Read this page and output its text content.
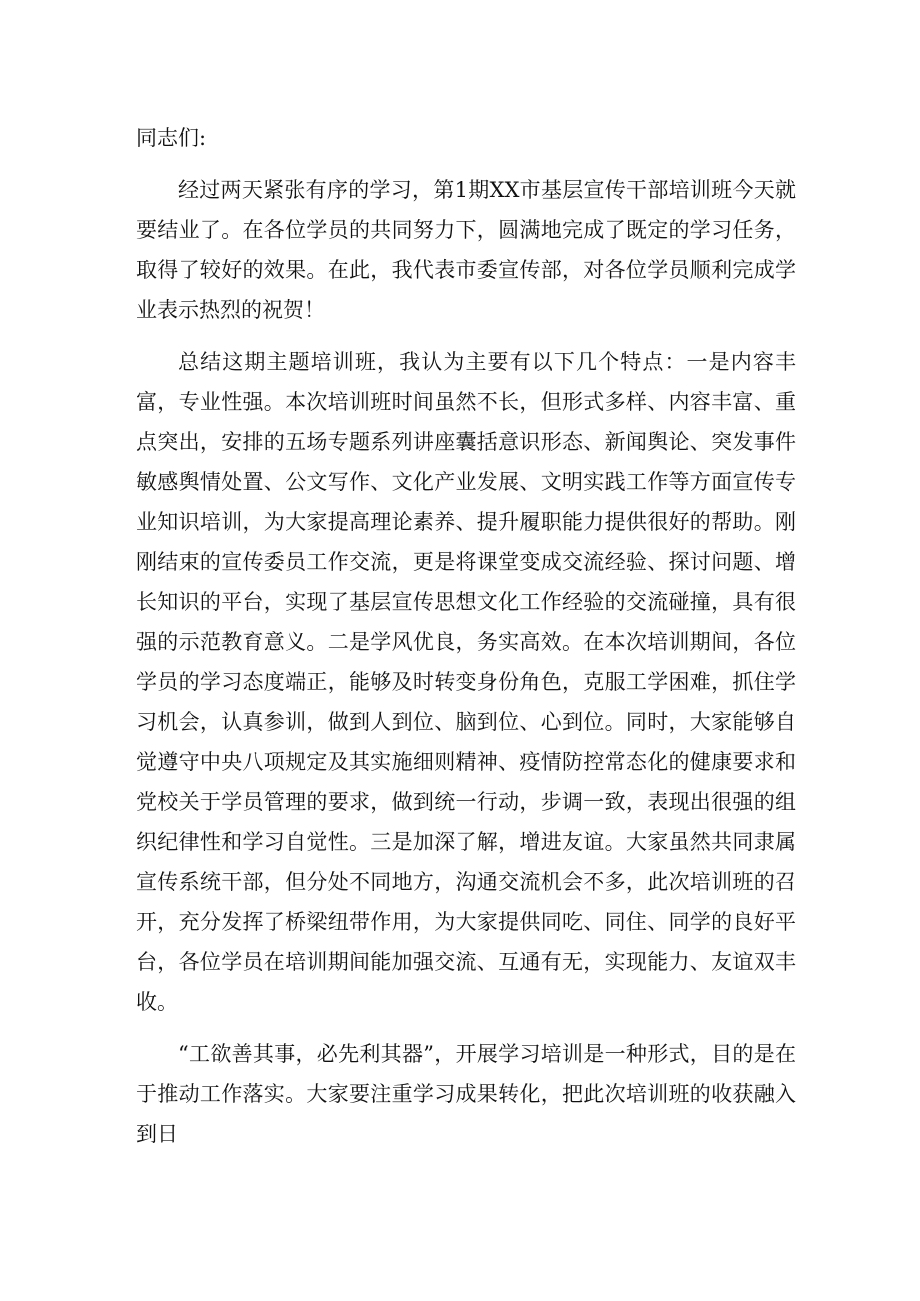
同志们:

经过两天紧张有序的学习，第1期XX市基层宣传干部培训班今天就要结业了。在各位学员的共同努力下，圆满地完成了既定的学习任务，取得了较好的效果。在此，我代表市委宣传部，对各位学员顺利完成学业表示热烈的祝贺！

总结这期主题培训班，我认为主要有以下几个特点：一是内容丰富，专业性强。本次培训班时间虽然不长，但形式多样、内容丰富、重点突出，安排的五场专题系列讲座囊括意识形态、新闻舆论、突发事件敏感舆情处置、公文写作、文化产业发展、文明实践工作等方面宣传专业知识培训，为大家提高理论素养、提升履职能力提供很好的帮助。刚刚结束的宣传委员工作交流，更是将课堂变成交流经验、探讨问题、增长知识的平台，实现了基层宣传思想文化工作经验的交流碰撞，具有很强的示范教育意义。二是学风优良，务实高效。在本次培训期间，各位学员的学习态度端正，能够及时转变身份角色，克服工学困难，抓住学习机会，认真参训，做到人到位、脑到位、心到位。同时，大家能够自觉遵守中央八项规定及其实施细则精神、疫情防控常态化的健康要求和党校关于学员管理的要求，做到统一行动，步调一致，表现出很强的组织纪律性和学习自觉性。三是加深了解，增进友谊。大家虽然共同隶属宣传系统干部，但分处不同地方，沟通交流机会不多，此次培训班的召开，充分发挥了桥梁纽带作用，为大家提供同吃、同住、同学的良好平台，各位学员在培训期间能加强交流、互通有无，实现能力、友谊双丰收。

“工欲善其事，必先利其器”，开展学习培训是一种形式，目的是在于推动工作落实。大家要注重学习成果转化，把此次培训班的收获融入到日
